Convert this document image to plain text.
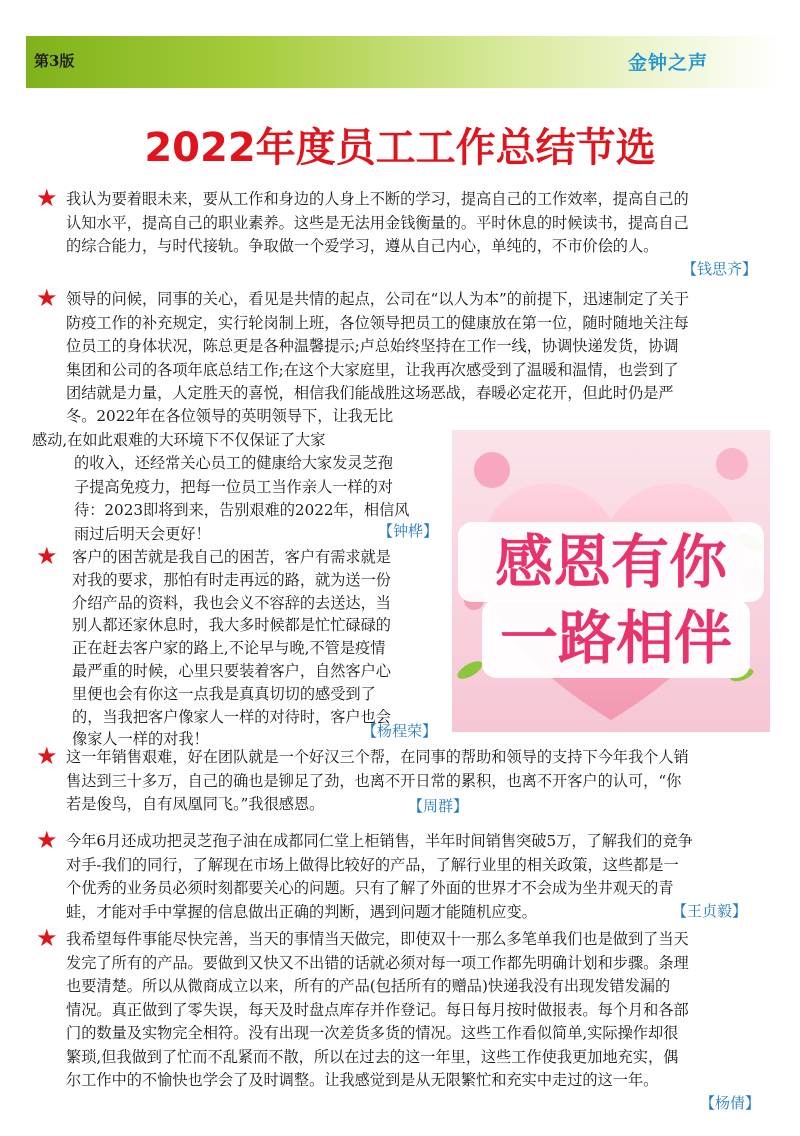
第3版	金钟之声
2022年度员工工作总结节选
★ 我认为要着眼未来，要从工作和身边的人身上不断的学习，提高自己的工作效率，提高自己的
认知水平，提高自己的职业素养。这些是无法用金钱衡量的。平时休息的时候读书，提高自己
的综合能力，与时代接轨。争取做一个爱学习，遵从自己内心，单纯的，不市价侩的人。
【钱思齐】
★ 领导的问候，同事的关心，看见是共情的起点，公司在“以人为本”的前提下，迅速制定了关于
防疫工作的补充规定，实行轮岗制上班，各位领导把员工的健康放在第一位，随时随地关注每
位员工的身体状况，陈总更是各种温馨提示;卢总始终坚持在工作一线，协调快递发货，协调
集团和公司的各项年底总结工作;在这个大家庭里，让我再次感受到了温暖和温情，也尝到了
团结就是力量，人定胜天的喜悦，相信我们能战胜这场恶战，春暖必定花开，但此时仍是严
冬。2022年在各位领导的英明领导下，让我无比
感动,在如此艰难的大环境下不仅保证了大家
的收入，还经常关心员工的健康给大家发灵芝孢
子提高免疫力，把每一位员工当作亲人一样的对
待：2023即将到来，告别艰难的2022年，相信风
雨过后明天会更好！	【钟桦】
★ 客户的困苦就是我自己的困苦，客户有需求就是
对我的要求，那怕有时走再远的路，就为送一份
介绍产品的资料，我也会义不容辞的去送达，当
别人都还家休息时，我大多时候都是忙忙碌碌的
正在赶去客户家的路上,不论早与晚,不管是疫情
最严重的时候，心里只要装着客户，自然客户心
里便也会有你这一点我是真真切切的感受到了
的，当我把客户像家人一样的对待时，客户也会
像家人一样的对我！	【杨程荣】
感恩有你
一路相伴
★ 这一年销售艰难，好在团队就是一个好汉三个帮，在同事的帮助和领导的支持下今年我个人销
售达到三十多万，自己的确也是铆足了劲，也离不开日常的累积，也离不开客户的认可，“你
若是俊鸟，自有凤凰同飞。”我很感恩。	【周群】
★ 今年6月还成功把灵芝孢子油在成都同仁堂上柜销售，半年时间销售突破5万，了解我们的竞争
对手-我们的同行，了解现在市场上做得比较好的产品，了解行业里的相关政策，这些都是一
个优秀的业务员必须时刻都要关心的问题。只有了解了外面的世界才不会成为坐井观天的青
蛙，才能对手中掌握的信息做出正确的判断，遇到问题才能随机应变。	【王贞毅】
★ 我希望每件事能尽快完善，当天的事情当天做完，即使双十一那么多笔单我们也是做到了当天
发完了所有的产品。要做到又快又不出错的话就必须对每一项工作都先明确计划和步骤。条理
也要清楚。所以从微商成立以来，所有的产品(包括所有的赠品)快递我没有出现发错发漏的
情况。真正做到了零失误，每天及时盘点库存并作登记。每日每月按时做报表。每个月和各部
门的数量及实物完全相符。没有出现一次差货多货的情况。这些工作看似简单,实际操作却很
繁琐,但我做到了忙而不乱紧而不散，所以在过去的这一年里，这些工作使我更加地充实，偶
尔工作中的不愉快也学会了及时调整。让我感觉到是从无限繁忙和充实中走过的这一年。
【杨倩】
